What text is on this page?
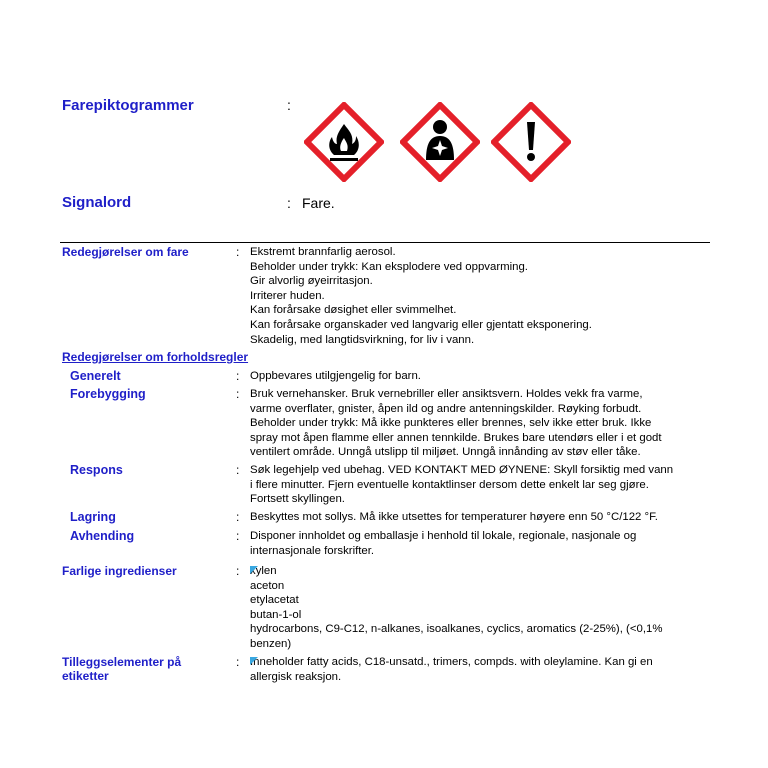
Farepiktogrammer	:
Signalord	: Fare.
Redegjørelser om fare	: Ekstremt brannfarlig aerosol.
Beholder under trykk: Kan eksplodere ved oppvarming.
Gir alvorlig øyeirritasjon.
Irriterer huden.
Kan forårsake døsighet eller svimmelhet.
Kan forårsake organskader ved langvarig eller gjentatt eksponering.
Skadelig, med langtidsvirkning, for liv i vann.
Redegjørelser om forholdsregler
Generelt	: Oppbevares utilgjengelig for barn.
Forebygging	: Bruk vernehansker. Bruk vernebriller eller ansiktsvern. Holdes vekk fra varme,
varme overflater, gnister, åpen ild og andre antenningskilder. Røyking forbudt.
Beholder under trykk: Må ikke punkteres eller brennes, selv ikke etter bruk. Ikke
spray mot åpen flamme eller annen tennkilde. Brukes bare utendørs eller i et godt
ventilert område. Unngå utslipp til miljøet. Unngå innånding av støv eller tåke.
Respons	: Søk legehjelp ved ubehag. VED KONTAKT MED ØYNENE: Skyll forsiktig med vann
i flere minutter. Fjern eventuelle kontaktlinser dersom dette enkelt lar seg gjøre.
Fortsett skyllingen.
Lagring	: Beskyttes mot sollys. Må ikke utsettes for temperaturer høyere enn 50 °C/122 °F.
Avhending	: Disponer innholdet og emballasje i henhold til lokale, regionale, nasjonale og
internasjonale forskrifter.
Farlige ingredienser	: xylen
aceton
etylacetat
butan-1-ol
hydrocarbons, C9-C12, n-alkanes, isoalkanes, cyclics, aromatics (2-25%), (<0,1%
benzen)
Tilleggselementer på
etiketter
: Inneholder fatty acids, C18-unsatd., trimers, compds. with oleylamine. Kan gi en
allergisk reaksjon.
